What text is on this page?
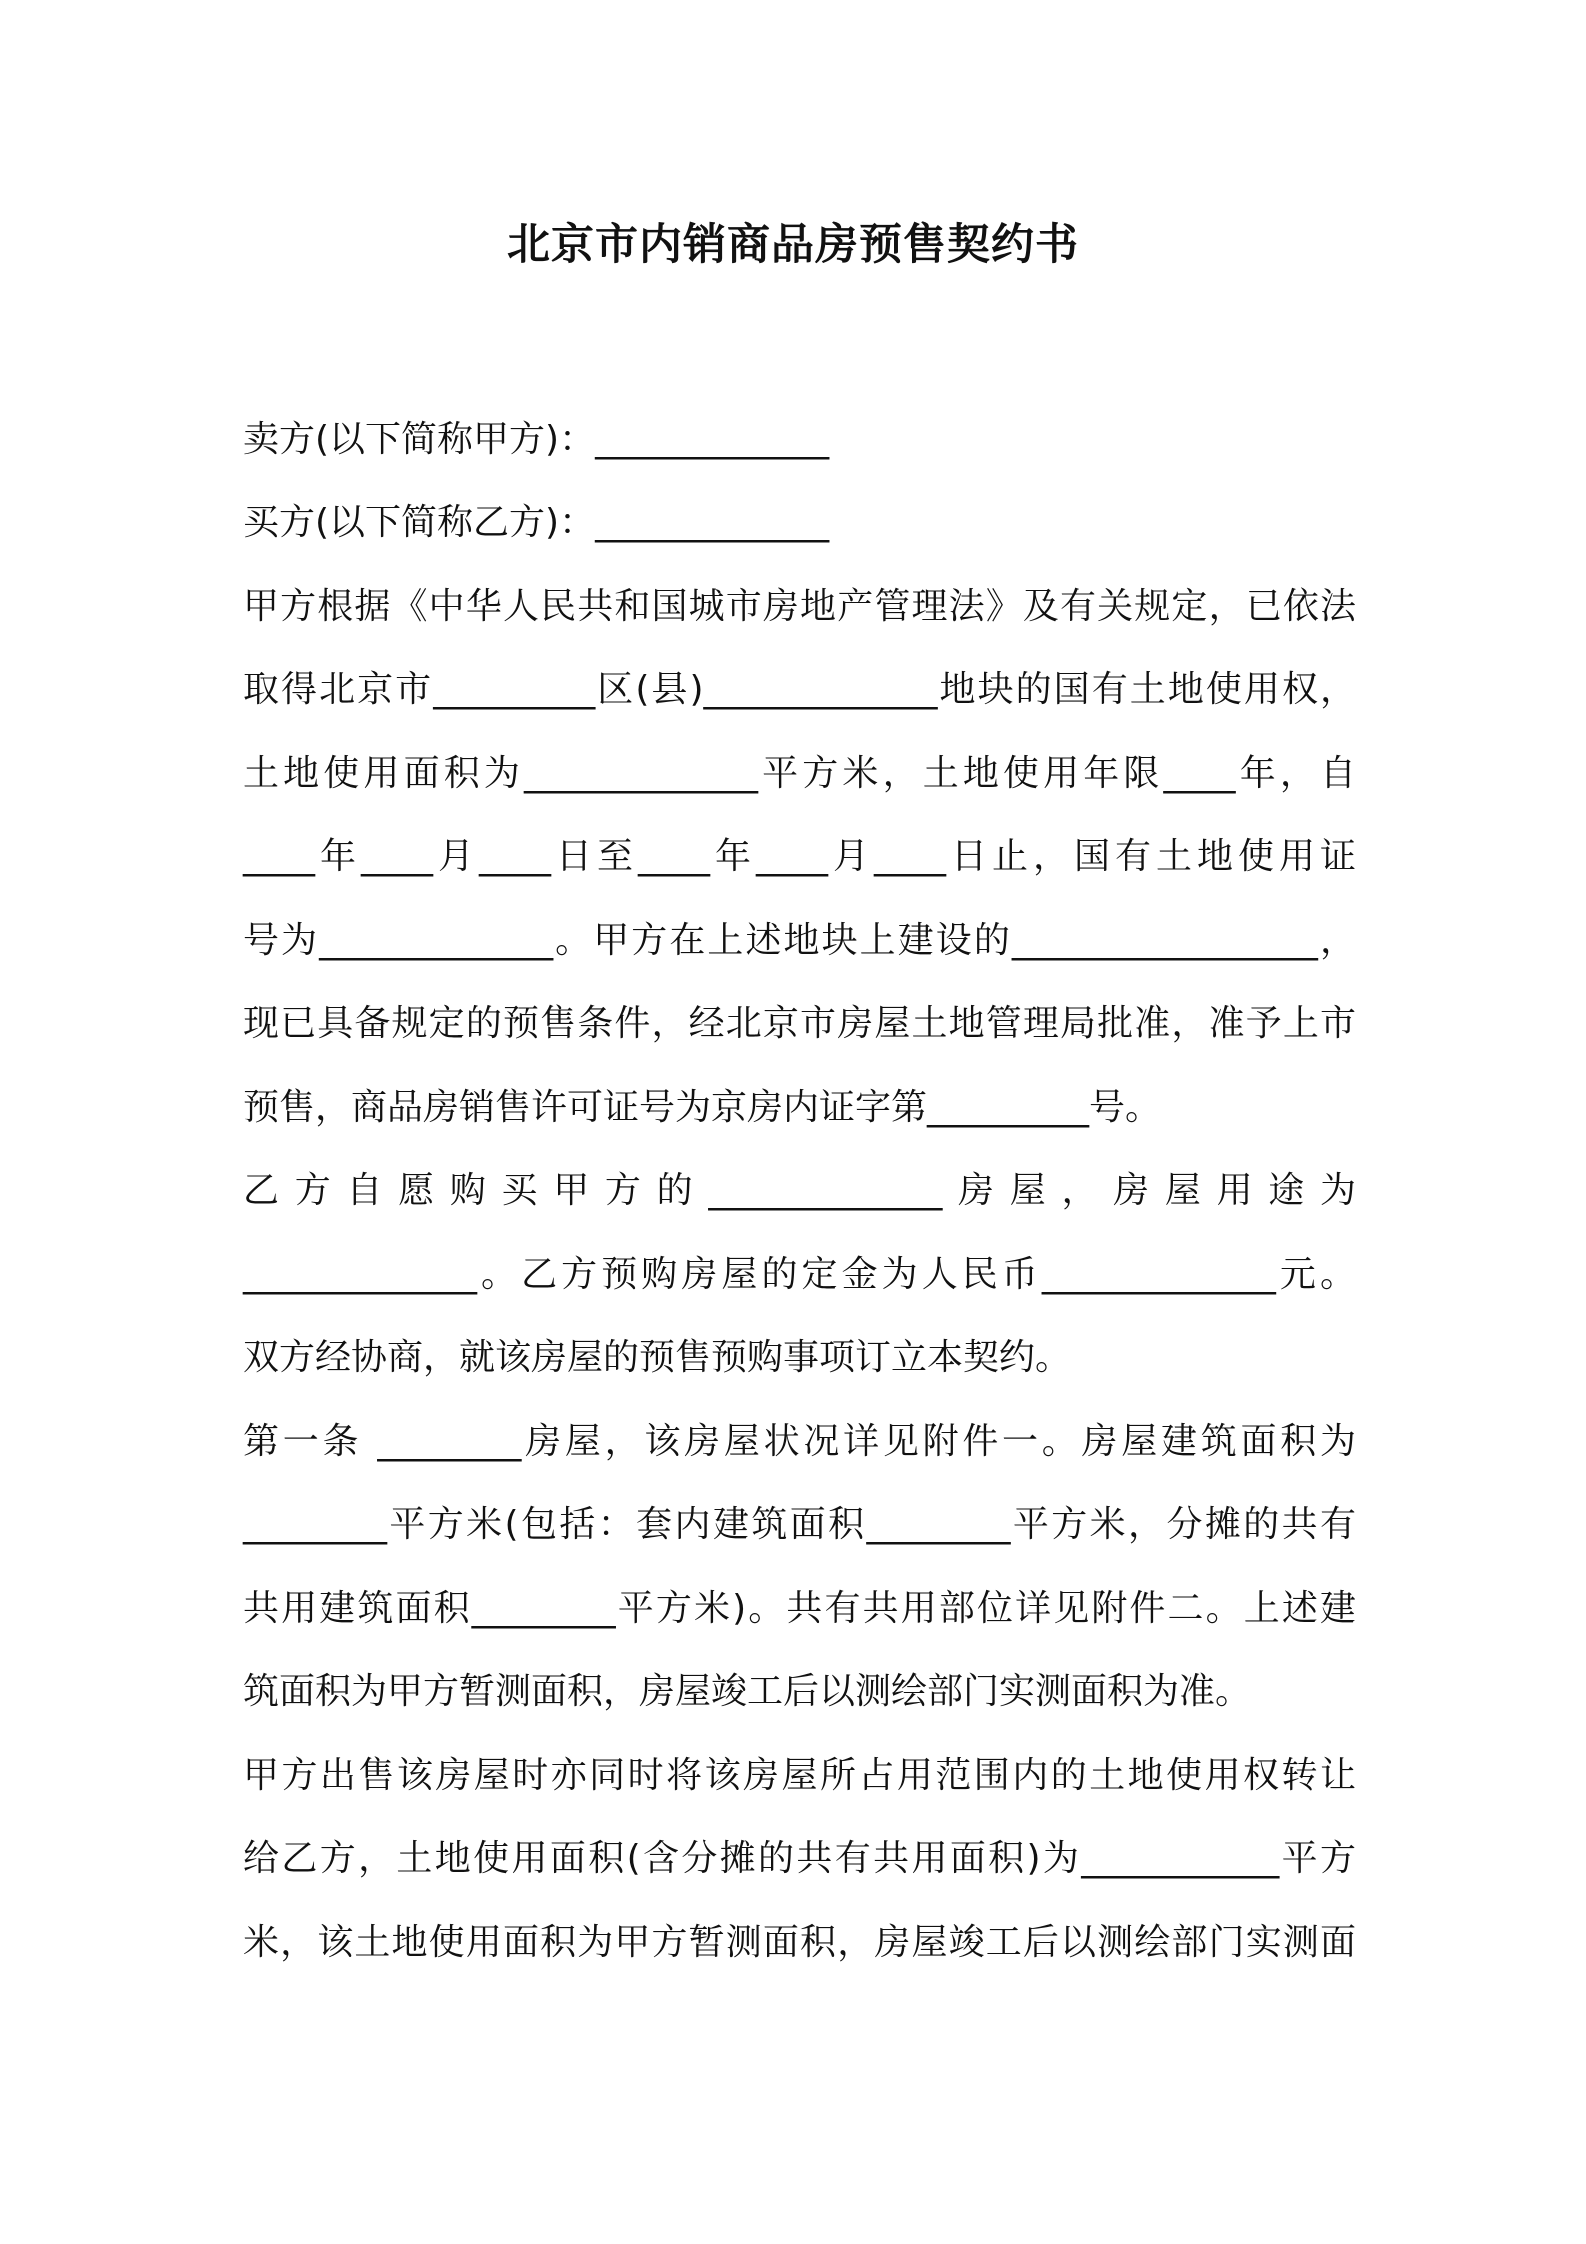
北京市内销商品房预售契约书
卖方(以下简称甲方)：_____________
买方(以下简称乙方)：_____________
甲方根据《中华人民共和国城市房地产管理法》及有关规定，已依法
取得北京市_________区(县)_____________地块的国有土地使用权，
土地使用面积为_____________平方米，土地使用年限____年，自
____年____月____日至____年____月____日止，国有土地使用证
号为_____________。甲方在上述地块上建设的_________________，
现已具备规定的预售条件，经北京市房屋土地管理局批准，准予上市
预售，商品房销售许可证号为京房内证字第_________号。
乙方自愿购买甲方的_____________房屋，房屋用途为
_____________。乙方预购房屋的定金为人民币_____________元。
双方经协商，就该房屋的预售预购事项订立本契约。
第一条 ________房屋，该房屋状况详见附件一。房屋建筑面积为
________平方米(包括：套内建筑面积________平方米，分摊的共有
共用建筑面积________平方米)。共有共用部位详见附件二。上述建
筑面积为甲方暂测面积，房屋竣工后以测绘部门实测面积为准。
甲方出售该房屋时亦同时将该房屋所占用范围内的土地使用权转让
给乙方，土地使用面积(含分摊的共有共用面积)为___________平方
米，该土地使用面积为甲方暂测面积，房屋竣工后以测绘部门实测面
